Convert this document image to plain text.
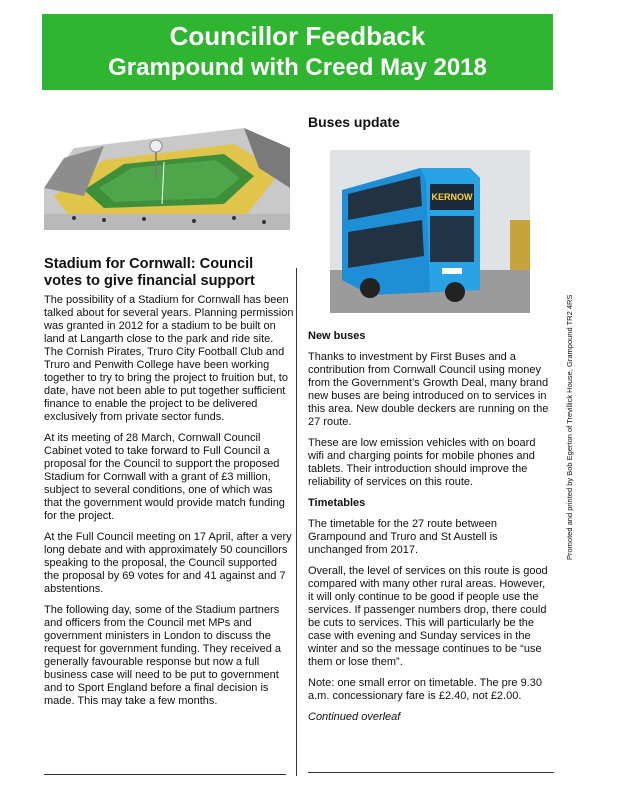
Councillor Feedback
Grampound with Creed May 2018
Buses update
KERNOW
Stadium for Cornwall: Council votes to give financial support

The possibility of a Stadium for Cornwall has been talked about for several years. Planning permission was granted in 2012 for a stadium to be built on land at Langarth close to the park and ride site. The Cornish Pirates, Truro City Football Club and Truro and Penwith College have been working together to try to bring the project to fruition but, to date, have not been able to put together sufficient finance to enable the project to be delivered exclusively from private sector funds.

At its meeting of 28 March, Cornwall Council Cabinet voted to take forward to Full Council a proposal for the Council to support the proposed Stadium for Cornwall with a grant of £3 million, subject to several conditions, one of which was that the government would provide match funding for the project.

At the Full Council meeting on 17 April, after a very long debate and with approximately 50 councillors speaking to the proposal, the Council supported the proposal by 69 votes for and 41 against and 7 abstentions.

The following day, some of the Stadium partners and officers from the Council met MPs and government ministers in London to discuss the request for government funding. They received a generally favourable response but now a full business case will need to be put to government and to Sport England before a final decision is made. This may take a few months.

New buses

Thanks to investment by First Buses and a contribution from Cornwall Council using money from the Government’s Growth Deal, many brand new buses are being introduced on to services in this area. New double deckers are running on the 27 route.

These are low emission vehicles with on board wifi and charging points for mobile phones and tablets. Their introduction should improve the reliability of services on this route.

Timetables

The timetable for the 27 route between Grampound and Truro and St Austell is unchanged from 2017.

Overall, the level of services on this route is good compared with many other rural areas. However, it will only continue to be good if people use the services. If passenger numbers drop, there could be cuts to services. This will particularly be the case with evening and Sunday services in the winter and so the message continues to be “use them or lose them”.

Note: one small error on timetable. The pre 9.30 a.m. concessionary fare is £2.40, not £2.00.

Continued overleaf
Promoted and printed by Bob Egerton of Trevillick House, Grampound TR2 4RS
